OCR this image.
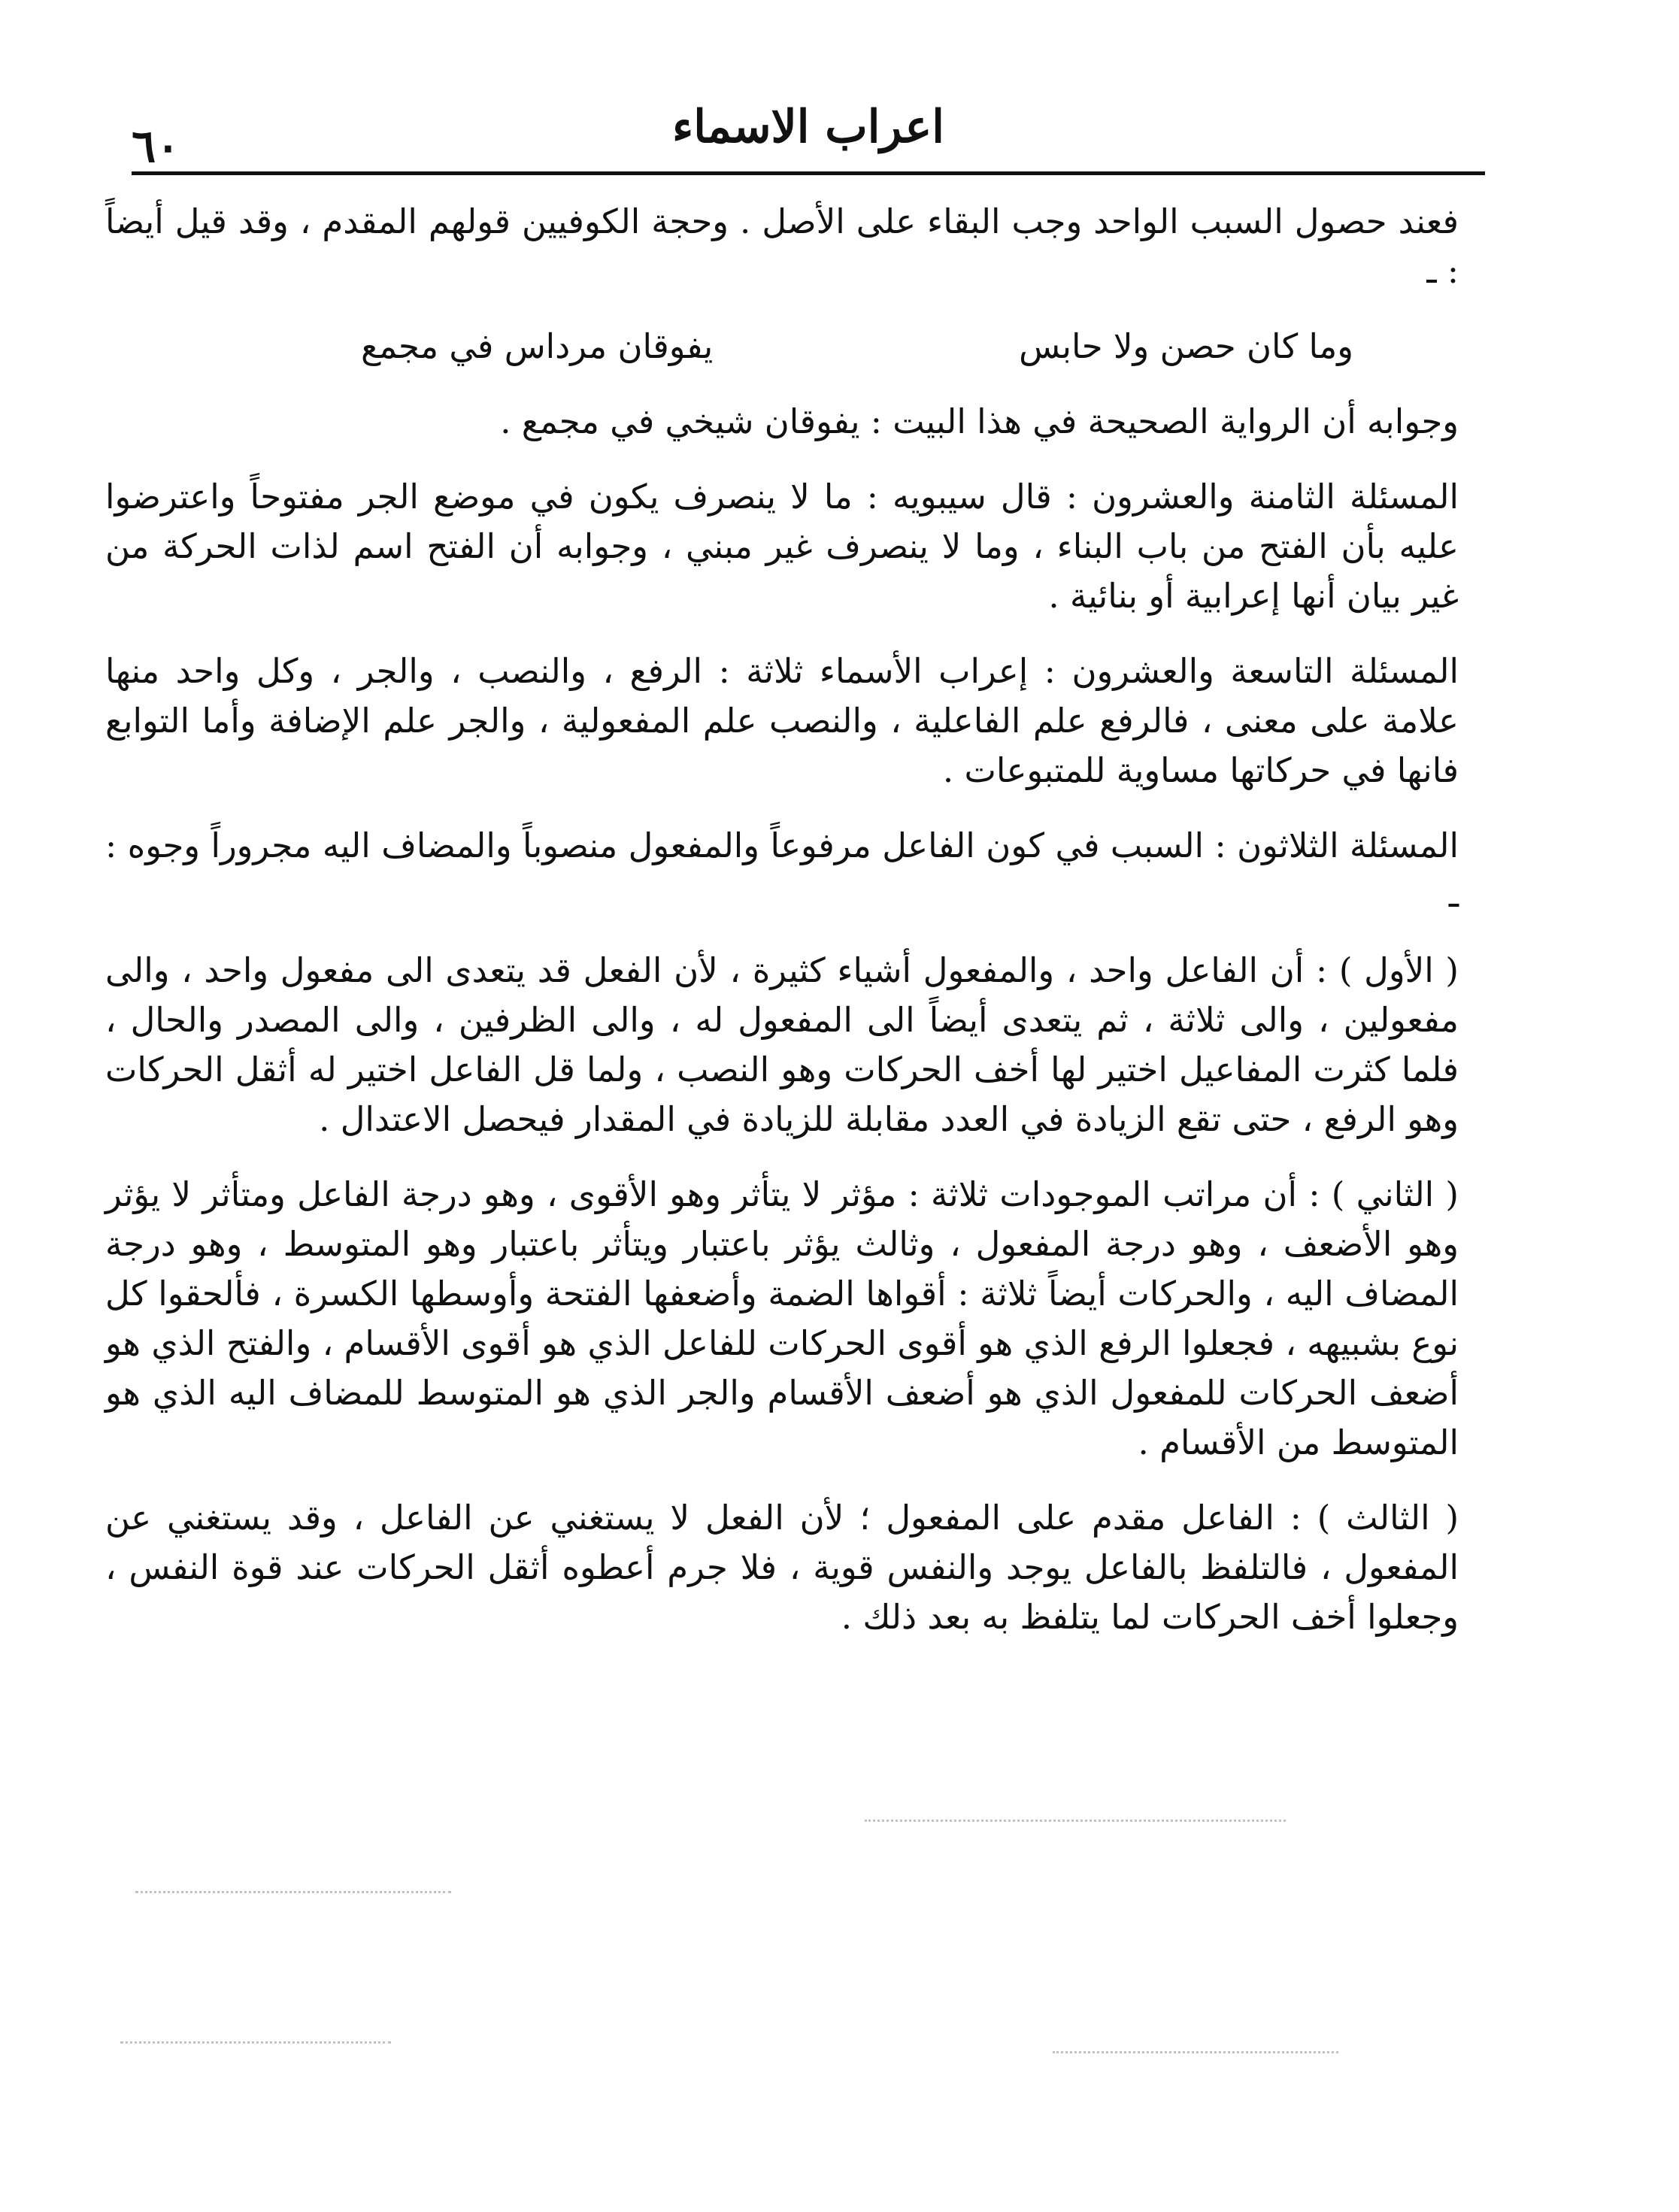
٦٠	اعراب الاسماء

فعند حصول السبب الواحد وجب البقاء على الأصل . وحجة الكوفيين قولهم المقدم ، وقد قيل أيضاً : ـ

وما كان حصن ولا حابس
يفوقان مرداس في مجمع

وجوابه أن الرواية الصحيحة في هذا البيت : يفوقان شيخي في مجمع .

المسئلة الثامنة والعشرون : قال سيبويه : ما لا ينصرف يكون في موضع الجر مفتوحاً واعترضوا عليه بأن الفتح من باب البناء ، وما لا ينصرف غير مبني ، وجوابه أن الفتح اسم لذات الحركة من غير بيان أنها إعرابية أو بنائية .

المسئلة التاسعة والعشرون : إعراب الأسماء ثلاثة : الرفع ، والنصب ، والجر ، وكل واحد منها علامة على معنى ، فالرفع علم الفاعلية ، والنصب علم المفعولية ، والجر علم الإضافة وأما التوابع فانها في حركاتها مساوية للمتبوعات .

المسئلة الثلاثون : السبب في كون الفاعل مرفوعاً والمفعول منصوباً والمضاف اليه مجروراً وجوه : ـ

( الأول ) : أن الفاعل واحد ، والمفعول أشياء كثيرة ، لأن الفعل قد يتعدى الى مفعول واحد ، والى مفعولين ، والى ثلاثة ، ثم يتعدى أيضاً الى المفعول له ، والى الظرفين ، والى المصدر والحال ، فلما كثرت المفاعيل اختير لها أخف الحركات وهو النصب ، ولما قل الفاعل اختير له أثقل الحركات وهو الرفع ، حتى تقع الزيادة في العدد مقابلة للزيادة في المقدار فيحصل الاعتدال .

( الثاني ) : أن مراتب الموجودات ثلاثة : مؤثر لا يتأثر وهو الأقوى ، وهو درجة الفاعل ومتأثر لا يؤثر وهو الأضعف ، وهو درجة المفعول ، وثالث يؤثر باعتبار ويتأثر باعتبار وهو المتوسط ، وهو درجة المضاف اليه ، والحركات أيضاً ثلاثة : أقواها الضمة وأضعفها الفتحة وأوسطها الكسرة ، فألحقوا كل نوع بشبيهه ، فجعلوا الرفع الذي هو أقوى الحركات للفاعل الذي هو أقوى الأقسام ، والفتح الذي هو أضعف الحركات للمفعول الذي هو أضعف الأقسام والجر الذي هو المتوسط للمضاف اليه الذي هو المتوسط من الأقسام .

( الثالث ) : الفاعل مقدم على المفعول ؛ لأن الفعل لا يستغني عن الفاعل ، وقد يستغني عن المفعول ، فالتلفظ بالفاعل يوجد والنفس قوية ، فلا جرم أعطوه أثقل الحركات عند قوة النفس ، وجعلوا أخف الحركات لما يتلفظ به بعد ذلك .
